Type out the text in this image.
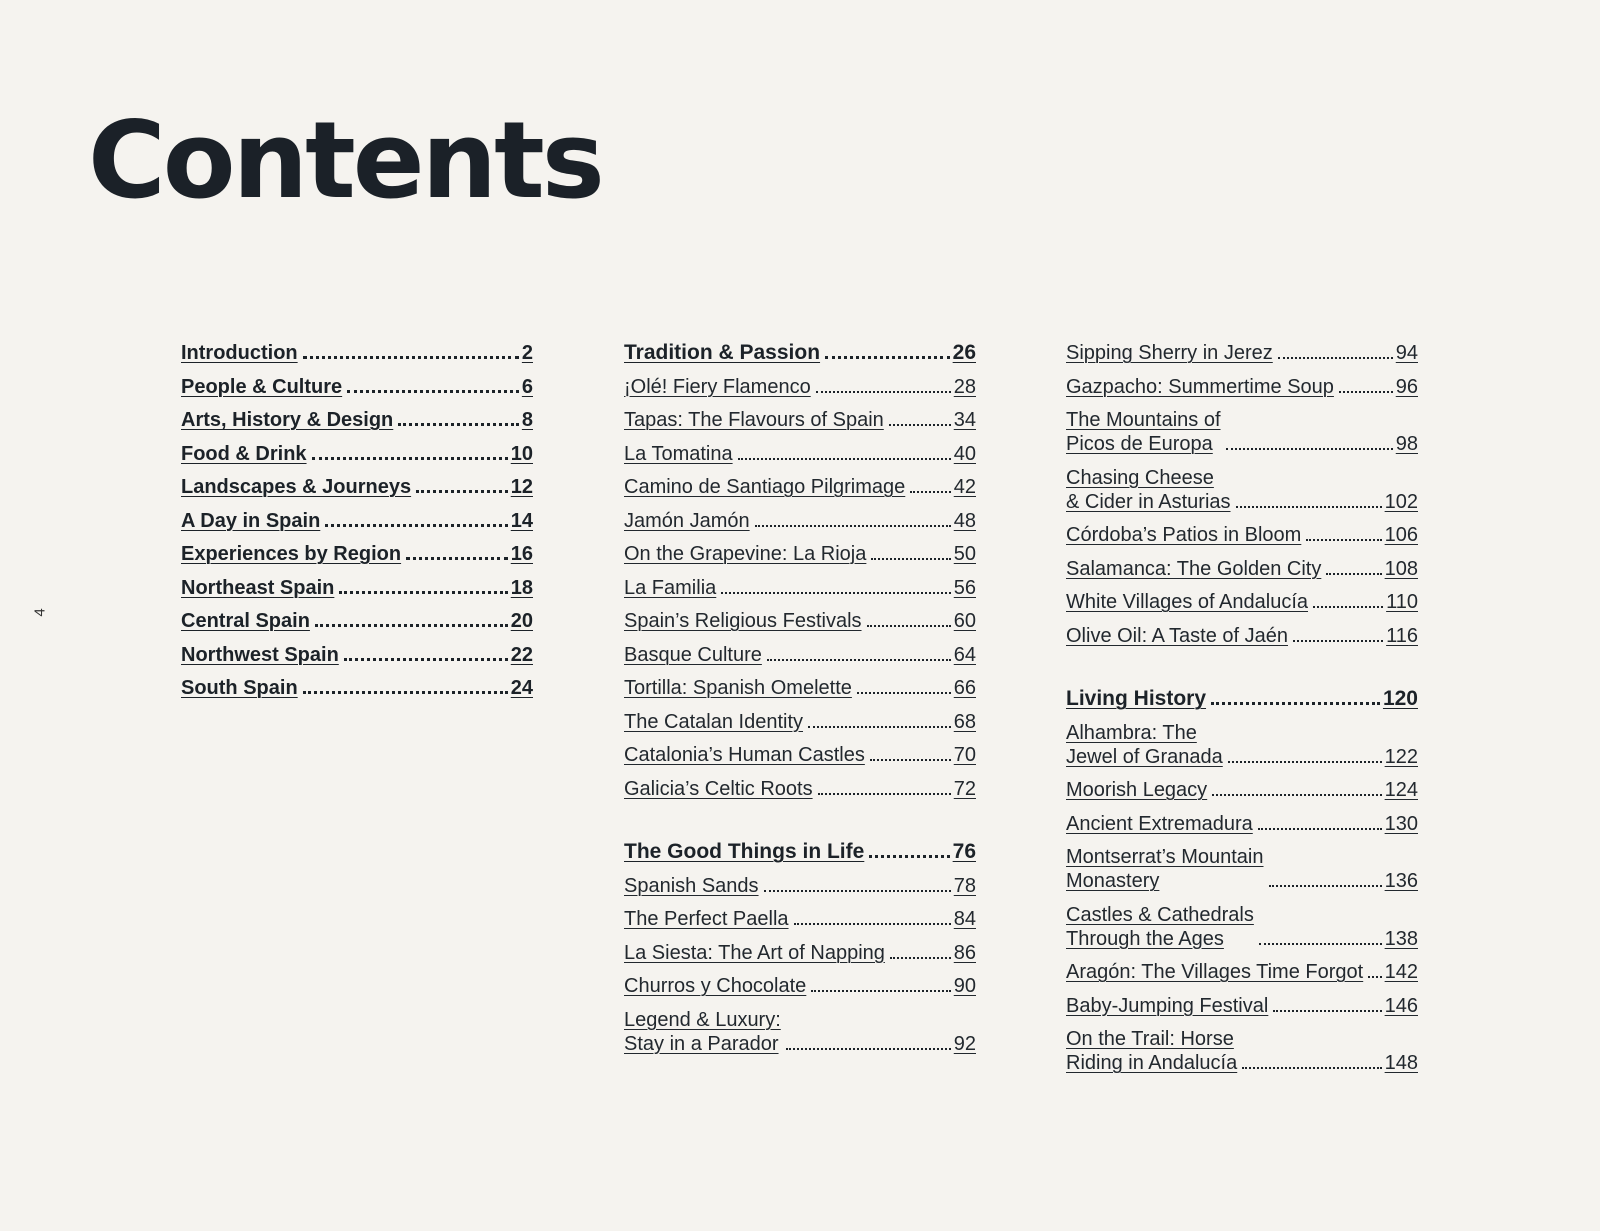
Contents
4
Introduction	2
People & Culture	6
Arts, History & Design	8
Food & Drink	10
Landscapes & Journeys	12
A Day in Spain	14
Experiences by Region	16
Northeast Spain	18
Central Spain	20
Northwest Spain	22
South Spain	24
Tradition & Passion	26
¡Olé! Fiery Flamenco	28
Tapas: The Flavours of Spain	34
La Tomatina	40
Camino de Santiago Pilgrimage 42
Jamón Jamón	48
On the Grapevine: La Rioja	50
La Familia	56
Spain’s Religious Festivals	60
Basque Culture	64
Tortilla: Spanish Omelette	66
The Catalan Identity	68
Catalonia’s Human Castles	70
Galicia’s Celtic Roots	72
The Good Things in Life	76
Spanish Sands	78
The Perfect Paella	84
La Siesta: The Art of Napping	86
Churros y Chocolate	90
Legend & Luxury:
Stay in a Parador	92
Sipping Sherry in Jerez	94
Gazpacho: Summertime Soup	96
The Mountains of
Picos de Europa	98
Chasing Cheese
& Cider in Asturias	102
Córdoba’s Patios in Bloom	106
Salamanca: The Golden City	108
White Villages of Andalucía	110
Olive Oil: A Taste of Jaén	116
Living History	120
Alhambra: The
Jewel of Granada	122
Moorish Legacy	124
Ancient Extremadura	130
Montserrat’s Mountain
Monastery	136
Castles & Cathedrals
Through the Ages	138
Aragón: The Villages Time Forgot 142
Baby-Jumping Festival	146
On the Trail: Horse
Riding in Andalucía	148
